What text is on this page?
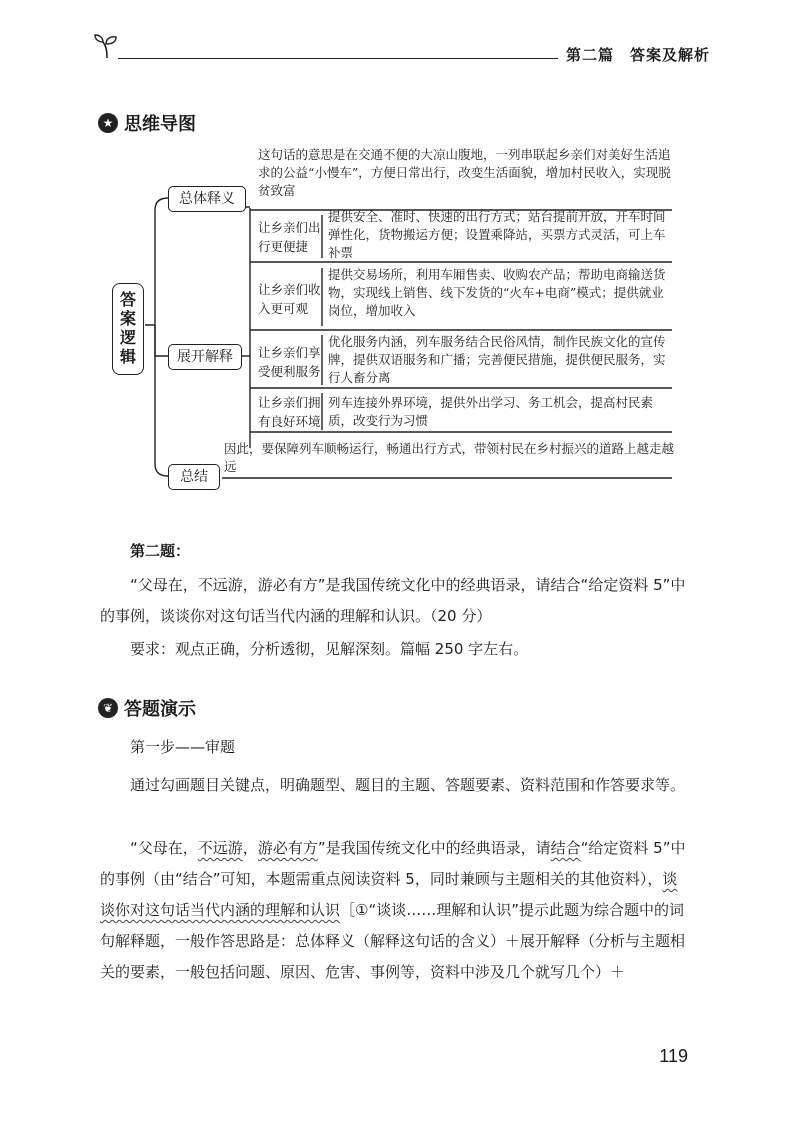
第二篇　答案及解析
★ 思维导图
答案逻辑
总体释义
这句话的意思是在交通不便的大凉山腹地，一列串联起乡亲们对美好生活追求的公益“小慢车”，方便日常出行，改变生活面貌，增加村民收入，实现脱贫致富
展开解释
让乡亲们出行更便捷
提供安全、准时、快速的出行方式；站台提前开放，开车时间弹性化，货物搬运方便；设置乘降站，买票方式灵活，可上车补票
让乡亲们收入更可观
提供交易场所，利用车厢售卖、收购农产品；帮助电商输送货物，实现线上销售、线下发货的“火车+电商”模式；提供就业岗位，增加收入
让乡亲们享受便利服务
优化服务内涵，列车服务结合民俗风情，制作民族文化的宣传牌，提供双语服务和广播；完善便民措施，提供便民服务，实行人畜分离
让乡亲们拥有良好环境
列车连接外界环境，提供外出学习、务工机会，提高村民素质，改变行为习惯
总结
因此，要保障列车顺畅运行，畅通出行方式，带领村民在乡村振兴的道路上越走越远
第二题：
“父母在，不远游，游必有方”是我国传统文化中的经典语录，请结合“给定资料 5”中的事例，谈谈你对这句话当代内涵的理解和认识。（20 分）
要求：观点正确，分析透彻，见解深刻。篇幅 250 字左右。
❦ 答题演示
第一步——审题
通过勾画题目关键点，明确题型、题目的主题、答题要素、资料范围和作答要求等。
“父母在，不远游，游必有方”是我国传统文化中的经典语录，请结合“给定资料 5”中的事例（由“结合”可知，本题需重点阅读资料 5，同时兼顾与主题相关的其他资料），谈谈你对这句话当代内涵的理解和认识［①“谈谈……理解和认识”提示此题为综合题中的词句解释题，一般作答思路是：总体释义（解释这句话的含义）＋展开解释（分析与主题相关的要素，一般包括问题、原因、危害、事例等，资料中涉及几个就写几个）＋
119
